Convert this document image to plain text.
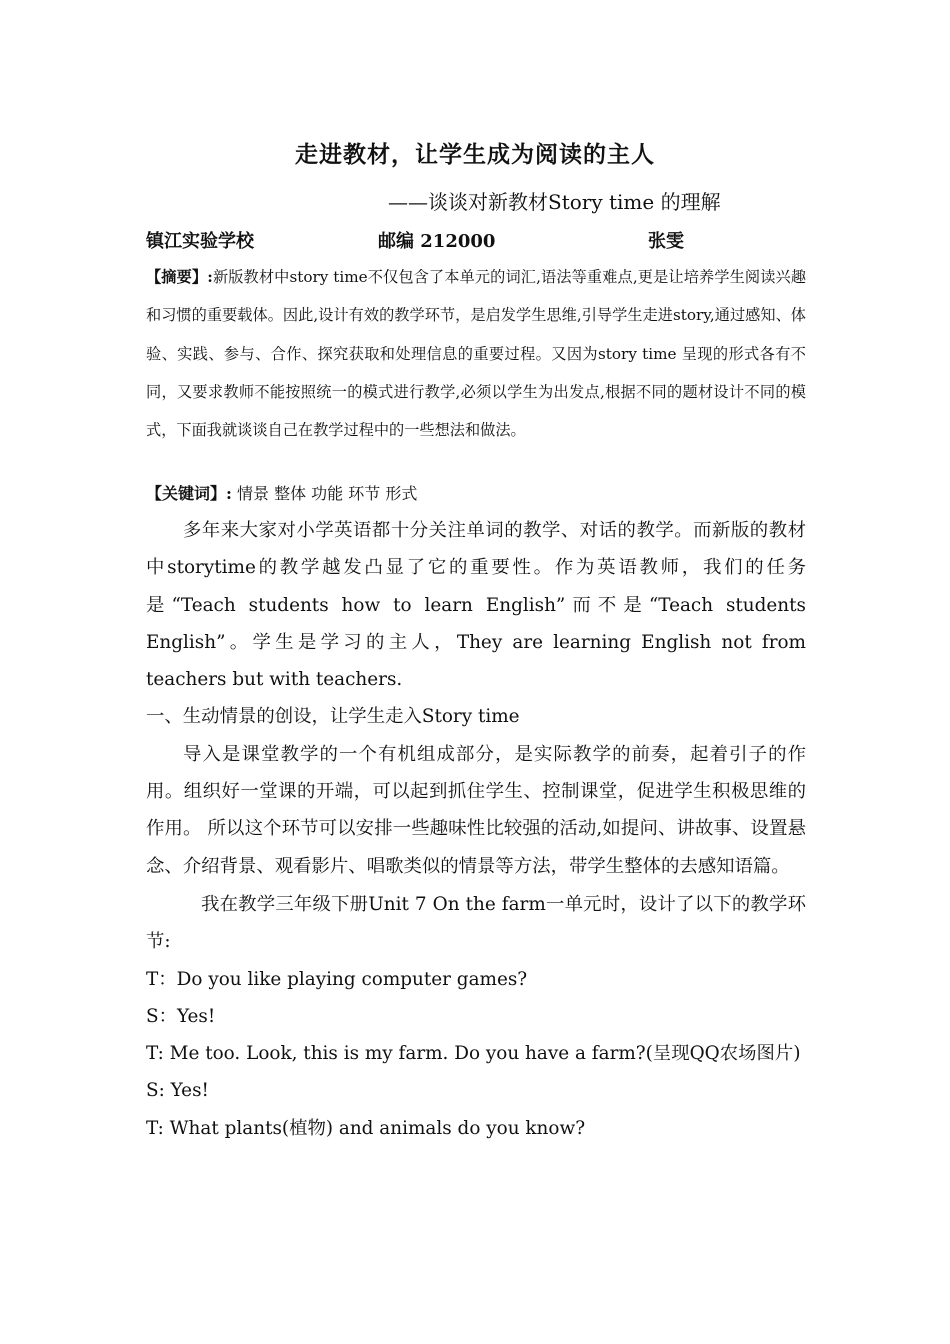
走进教材，让学生成为阅读的主人
——谈谈对新教材Story time 的理解
镇江实验学校	邮编 212000	张雯
【摘要】:新版教材中story time不仅包含了本单元的词汇,语法等重难点,更是让培养学生阅读兴趣和习惯的重要载体。因此,设计有效的教学环节，是启发学生思维,引导学生走进story,通过感知、体验、实践、参与、合作、探究获取和处理信息的重要过程。又因为story time 呈现的形式各有不同，又要求教师不能按照统一的模式进行教学,必须以学生为出发点,根据不同的题材设计不同的模式，下面我就谈谈自己在教学过程中的一些想法和做法。
【关键词】: 情景 整体 功能 环节 形式

多年来大家对小学英语都十分关注单词的教学、对话的教学。而新版的教材中storytime的教学越发凸显了它的重要性。作为英语教师，我们的任务是“Teach students how to learn English”而不是“Teach students English”。学生是学习的主人，They are learning English not from teachers but with teachers.

一、生动情景的创设，让学生走入Story time

导入是课堂教学的一个有机组成部分，是实际教学的前奏，起着引子的作用。组织好一堂课的开端，可以起到抓住学生、控制课堂，促进学生积极思维的作用。 所以这个环节可以安排一些趣味性比较强的活动,如提问、讲故事、设置悬念、介绍背景、观看影片、唱歌类似的情景等方法，带学生整体的去感知语篇。

我在教学三年级下册Unit 7 On the farm一单元时，设计了以下的教学环节:

T：Do you like playing computer games?

S：Yes!

T: Me too. Look, this is my farm. Do you have a farm?(呈现QQ农场图片)

S: Yes!

T: What plants(植物) and animals do you know?
